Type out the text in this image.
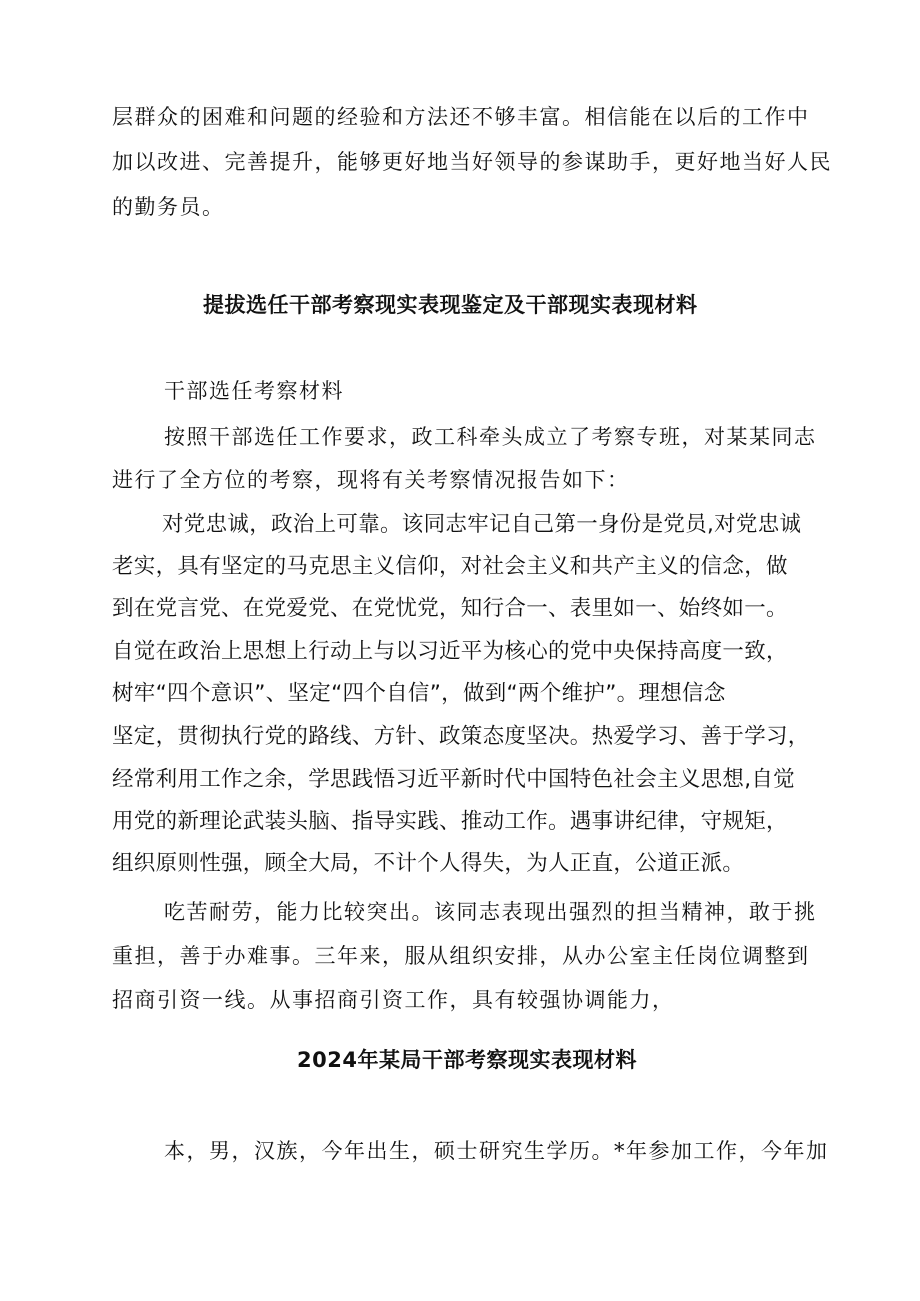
层群众的困难和问题的经验和方法还不够丰富。相信能在以后的工作中
加以改进、完善提升，能够更好地当好领导的参谋助手，更好地当好人民
的勤务员。
提拔选任干部考察现实表现鉴定及干部现实表现材料
干部选任考察材料
按照干部选任工作要求，政工科牵头成立了考察专班，对某某同志
进行了全方位的考察，现将有关考察情况报告如下：
对党忠诚，政治上可靠。该同志牢记自己第一身份是党员,对党忠诚
老实，具有坚定的马克思主义信仰，对社会主义和共产主义的信念，做
到在党言党、在党爱党、在党忧党，知行合一、表里如一、始终如一。
自觉在政治上思想上行动上与以习近平为核心的党中央保持高度一致，
树牢“四个意识”、坚定“四个自信”，做到“两个维护”。理想信念
坚定，贯彻执行党的路线、方针、政策态度坚决。热爱学习、善于学习，
经常利用工作之余，学思践悟习近平新时代中国特色社会主义思想,自觉
用党的新理论武装头脑、指导实践、推动工作。遇事讲纪律，守规矩，
组织原则性强，顾全大局，不计个人得失，为人正直，公道正派。
吃苦耐劳，能力比较突出。该同志表现出强烈的担当精神，敢于挑
重担，善于办难事。三年来，服从组织安排，从办公室主任岗位调整到
招商引资一线。从事招商引资工作，具有较强协调能力，
2024年某局干部考察现实表现材料
本，男，汉族，今年出生，硕士研究生学历。*年参加工作，今年加
